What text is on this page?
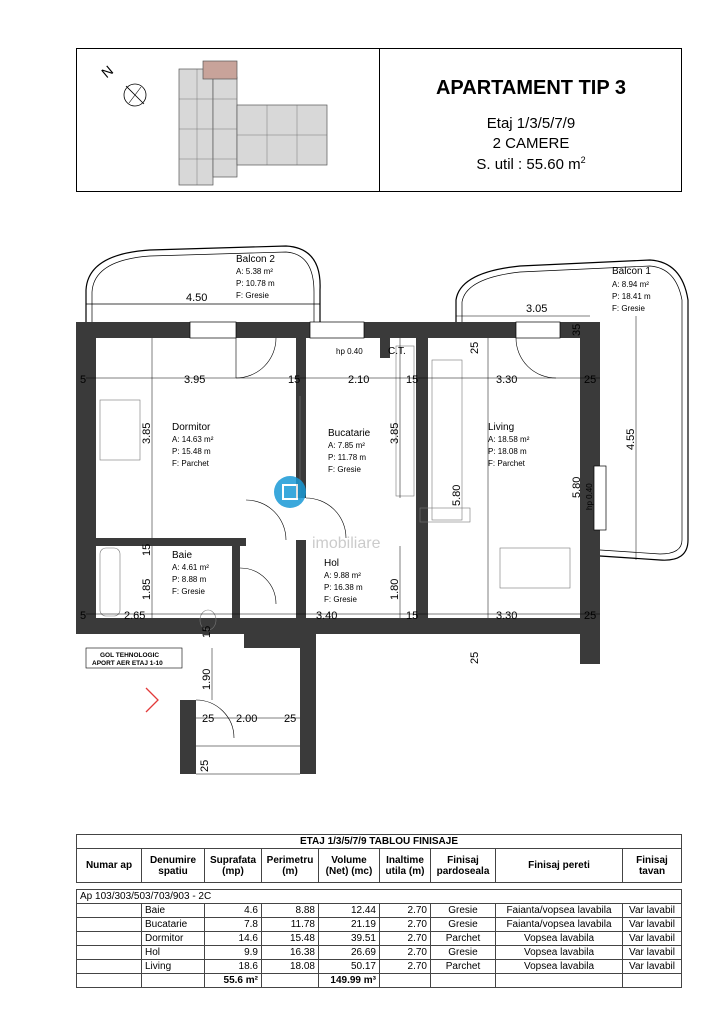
N
APARTAMENT TIP 3
Etaj 1/3/5/7/9
2 CAMERE
S. util : 55.60 $m^2$
Balcon 2
A: 5.38 m²
P: 10.78 m
F: Gresie
4.50
Balcon 1
A: 8.94 m²
P: 18.41 m
F: Gresie
3.05
4.55
Dormitor
A: 14.63 m²
P: 15.48 m
F: Parchet
Bucatarie
A: 7.85 m²
P: 11.78 m
F: Gresie
Living
A: 18.58 m²
P: 18.08 m
F: Parchet
Baie
A: 4.61 m²
P: 8.88 m
F: Gresie
Hol
A: 9.88 m²
P: 16.38 m
F: Gresie
3.95	15	2.10	15	3.30	25
5
2.65	3.40	15	3.30	25
5
2.00
25	25
hp 0.40	C.T.
3.85	3.85
5.80	5.80 hp 0.40
1.85	1.80
1.90
15
15
25
35
25
25
GOL TEHNOLOGIC
APORT AER ETAJ 1-10
imobiliare
ETAJ 1/3/5/7/9 TABLOU FINISAJE								
Numar ap	Denumire spatiu	Suprafata (mp)	Perimetru (m)	Volume (Net) (mc)	Inaltime utila (m)	Finisaj pardoseala	Finisaj pereti	Finisaj tavan

Ap 103/303/503/703/903 - 2C								
	Baie	4.6	8.88	12.44	2.70	Gresie	Faianta/vopsea lavabila	Var lavabil
	Bucatarie	7.8	11.78	21.19	2.70	Gresie	Faianta/vopsea lavabila	Var lavabil
	Dormitor	14.6	15.48	39.51	2.70	Parchet	Vopsea lavabila	Var lavabil
	Hol	9.9	16.38	26.69	2.70	Gresie	Vopsea lavabila	Var lavabil
	Living	18.6	18.08	50.17	2.70	Parchet	Vopsea lavabila	Var lavabil
		55.6 m²		149.99 m³				
